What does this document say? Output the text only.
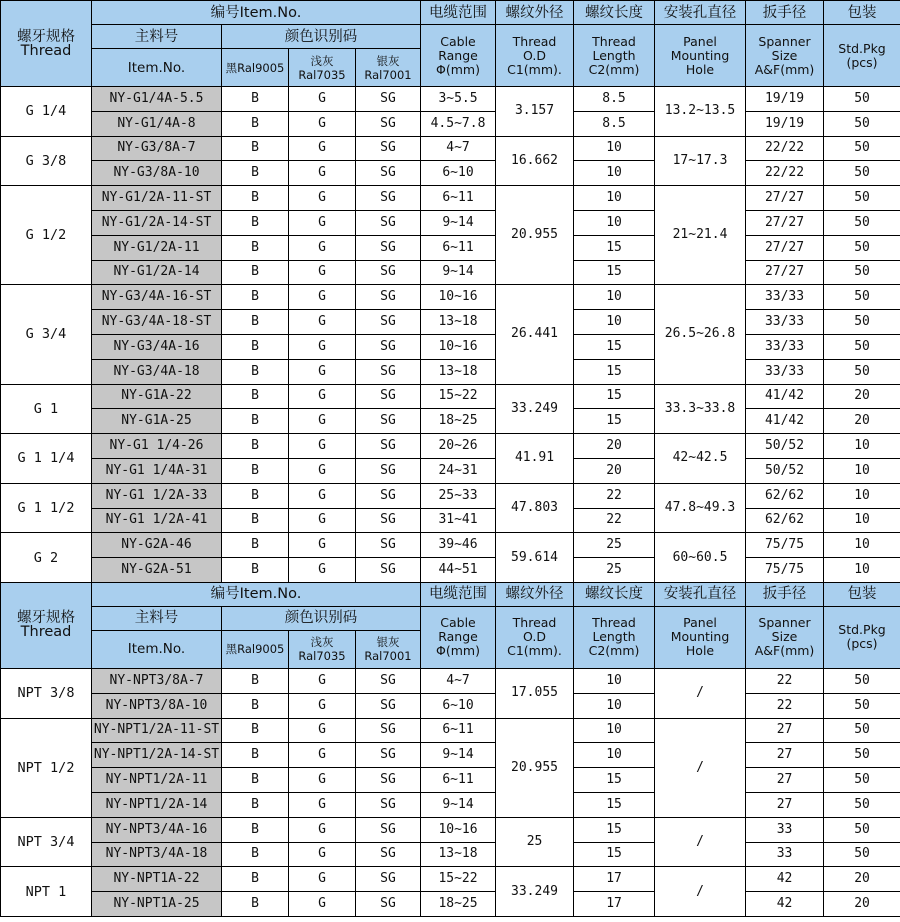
螺牙规格
Thread	编号Item.No.				电缆范围	螺纹外径	螺纹长度	安装孔直径	扳手径	包装
	主料号	颜色识别码			Cable
Range
Φ(mm)	Thread
O.D
C1(mm).	Thread
Length
C2(mm)	Panel
Mounting
Hole	Spanner
Size
A&F(mm)	Std.Pkg
(pcs)

	Item.No.	黑Ral9005	浅灰
Ral7035	银灰
Ral7001						

G 1/4	NY-G1/4A-5.5	B	G	SG	3~5.5	3.157	8.5	13.2~13.5	19/19	50
	NY-G1/4A-8	B	G	SG	4.5~7.8		8.5		19/19	50
G 3/8	NY-G3/8A-7	B	G	SG	4~7	16.662	10	17~17.3	22/22	50
	NY-G3/8A-10	B	G	SG	6~10		10		22/22	50
G 1/2	NY-G1/2A-11-ST	B	G	SG	6~11	20.955	10	21~21.4	27/27	50
	NY-G1/2A-14-ST	B	G	SG	9~14		10		27/27	50
	NY-G1/2A-11	B	G	SG	6~11		15		27/27	50
	NY-G1/2A-14	B	G	SG	9~14		15		27/27	50
G 3/4	NY-G3/4A-16-ST	B	G	SG	10~16	26.441	10	26.5~26.8	33/33	50
	NY-G3/4A-18-ST	B	G	SG	13~18		10		33/33	50
	NY-G3/4A-16	B	G	SG	10~16		15		33/33	50
	NY-G3/4A-18	B	G	SG	13~18		15		33/33	50
G 1	NY-G1A-22	B	G	SG	15~22	33.249	15	33.3~33.8	41/42	20
	NY-G1A-25	B	G	SG	18~25		15		41/42	20
G 1 1/4	NY-G1 1/4-26	B	G	SG	20~26	41.91	20	42~42.5	50/52	10
	NY-G1 1/4A-31	B	G	SG	24~31		20		50/52	10
G 1 1/2	NY-G1 1/2A-33	B	G	SG	25~33	47.803	22	47.8~49.3	62/62	10
	NY-G1 1/2A-41	B	G	SG	31~41		22		62/62	10
G 2	NY-G2A-46	B	G	SG	39~46	59.614	25	60~60.5	75/75	10
	NY-G2A-51	B	G	SG	44~51		25		75/75	10

螺牙规格
Thread	编号Item.No.				电缆范围	螺纹外径	螺纹长度	安装孔直径	扳手径	包装
	主料号	颜色识别码			Cable
Range
Φ(mm)	Thread
O.D
C1(mm).	Thread
Length
C2(mm)	Panel
Mounting
Hole	Spanner
Size
A&F(mm)	Std.Pkg
(pcs)

	Item.No.	黑Ral9005	浅灰
Ral7035	银灰
Ral7001						

NPT 3/8	NY-NPT3/8A-7	B	G	SG	4~7	17.055	10	/	22	50
	NY-NPT3/8A-10	B	G	SG	6~10		10		22	50
NPT 1/2	NY-NPT1/2A-11-ST	B	G	SG	6~11	20.955	10	/	27	50
	NY-NPT1/2A-14-ST	B	G	SG	9~14		10		27	50
	NY-NPT1/2A-11	B	G	SG	6~11		15		27	50
	NY-NPT1/2A-14	B	G	SG	9~14		15		27	50
NPT 3/4	NY-NPT3/4A-16	B	G	SG	10~16	25	15	/	33	50
	NY-NPT3/4A-18	B	G	SG	13~18		15		33	50
NPT 1	NY-NPT1A-22	B	G	SG	15~22	33.249	17	/	42	20
	NY-NPT1A-25	B	G	SG	18~25		17		42	20
